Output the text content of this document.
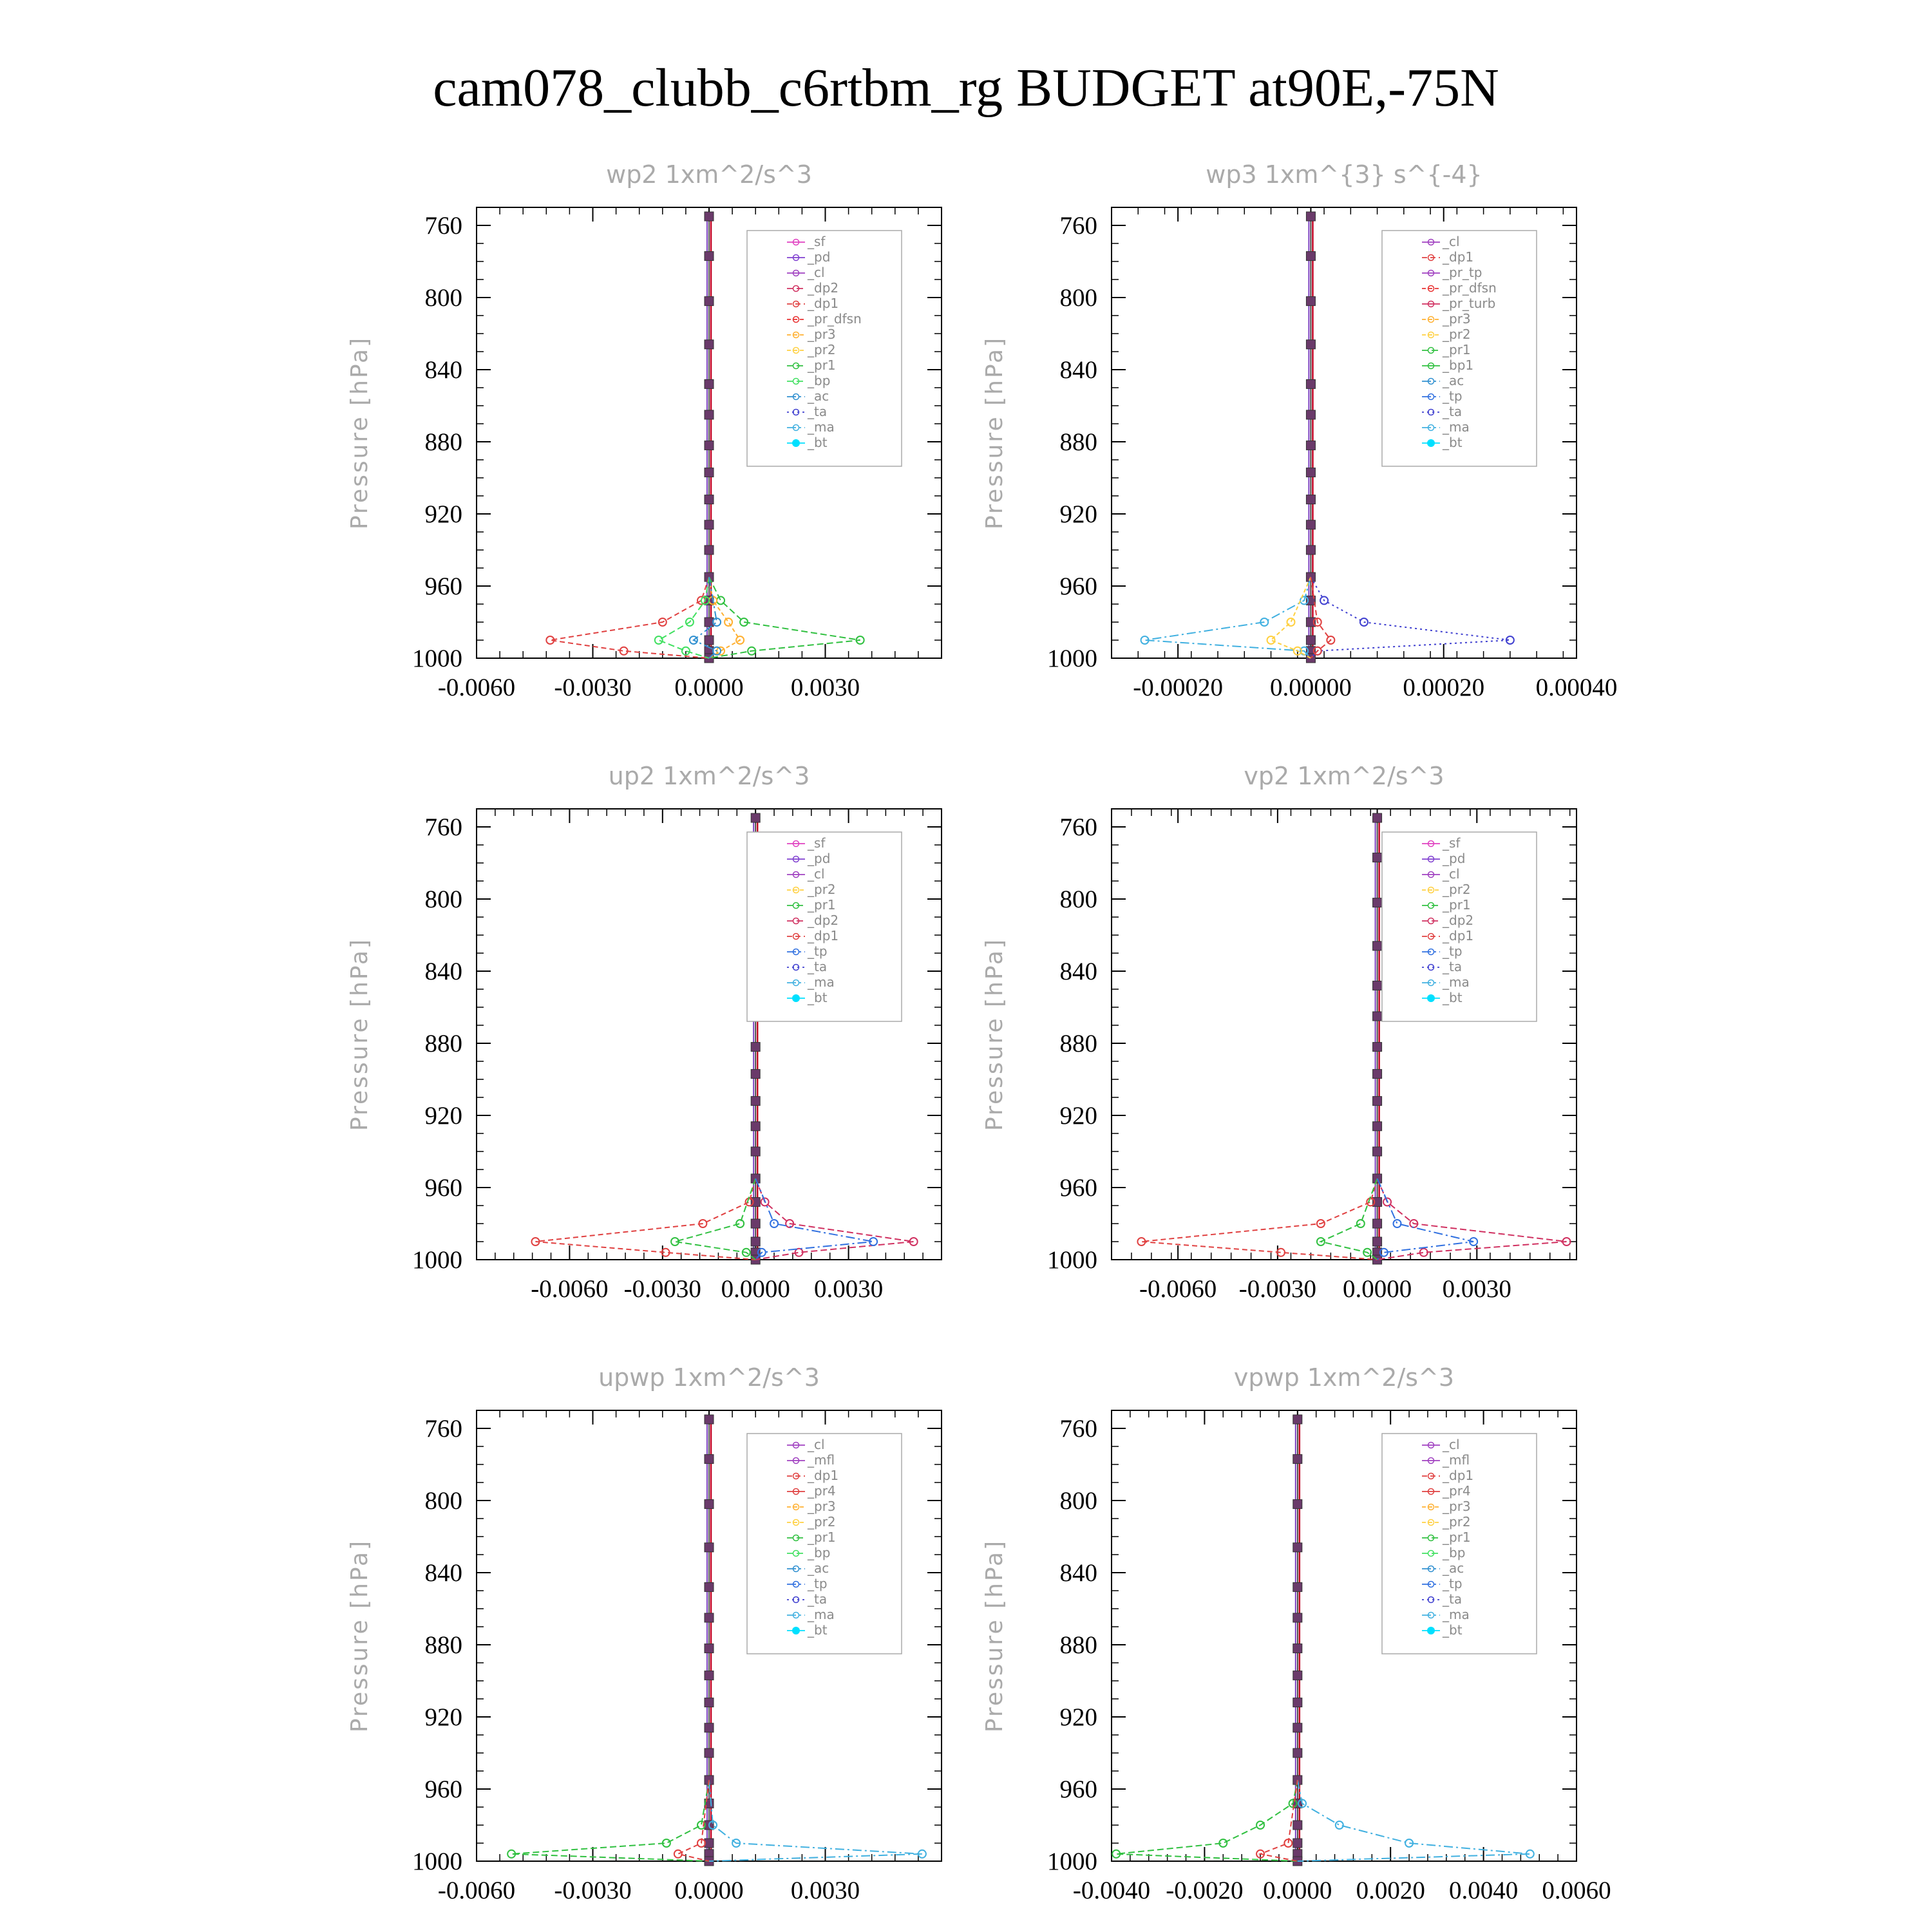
cam078_clubb_c6rtbm_rg BUDGET at90E,-75N
wp2 1xm^2/s^3
Pressure [hPa]
760
800
840
880
920
960
1000
-0.0060 -0.0030 0.0000 0.0030
_sf
_pd
_cl
_dp2
_dp1
_pr_dfsn
_pr3
_pr2
_pr1
_bp
_ac
_ta
_ma
_bt
wp3 1xm^{3} s^{-4}
Pressure [hPa]
760
800
840
880
920
960
1000
-0.00020 0.00000 0.00020 0.00040
_cl
_dp1
_pr_tp
_pr_dfsn
_pr_turb
_pr3
_pr2
_pr1
_bp1
_ac
_tp
_ta
_ma
_bt
up2 1xm^2/s^3
Pressure [hPa]
760
800
840
880
920
960
1000
-0.0060 -0.0030 0.0000 0.0030
_sf
_pd
_cl
_pr2
_pr1
_dp2
_dp1
_tp
_ta
_ma
_bt
vp2 1xm^2/s^3
Pressure [hPa]
760
800
840
880
920
960
1000
-0.0060 -0.0030 0.0000 0.0030
_sf
_pd
_cl
_pr2
_pr1
_dp2
_dp1
_tp
_ta
_ma
_bt
upwp 1xm^2/s^3
Pressure [hPa]
760
800
840
880
920
960
1000
-0.0060 -0.0030 0.0000 0.0030
_cl
_mfl
_dp1
_pr4
_pr3
_pr2
_pr1
_bp
_ac
_tp
_ta
_ma
_bt
vpwp 1xm^2/s^3
Pressure [hPa]
760
800
840
880
920
960
1000
-0.0040 -0.0020 0.0000 0.0020 0.0040 0.0060
_cl
_mfl
_dp1
_pr4
_pr3
_pr2
_pr1
_bp
_ac
_tp
_ta
_ma
_bt
